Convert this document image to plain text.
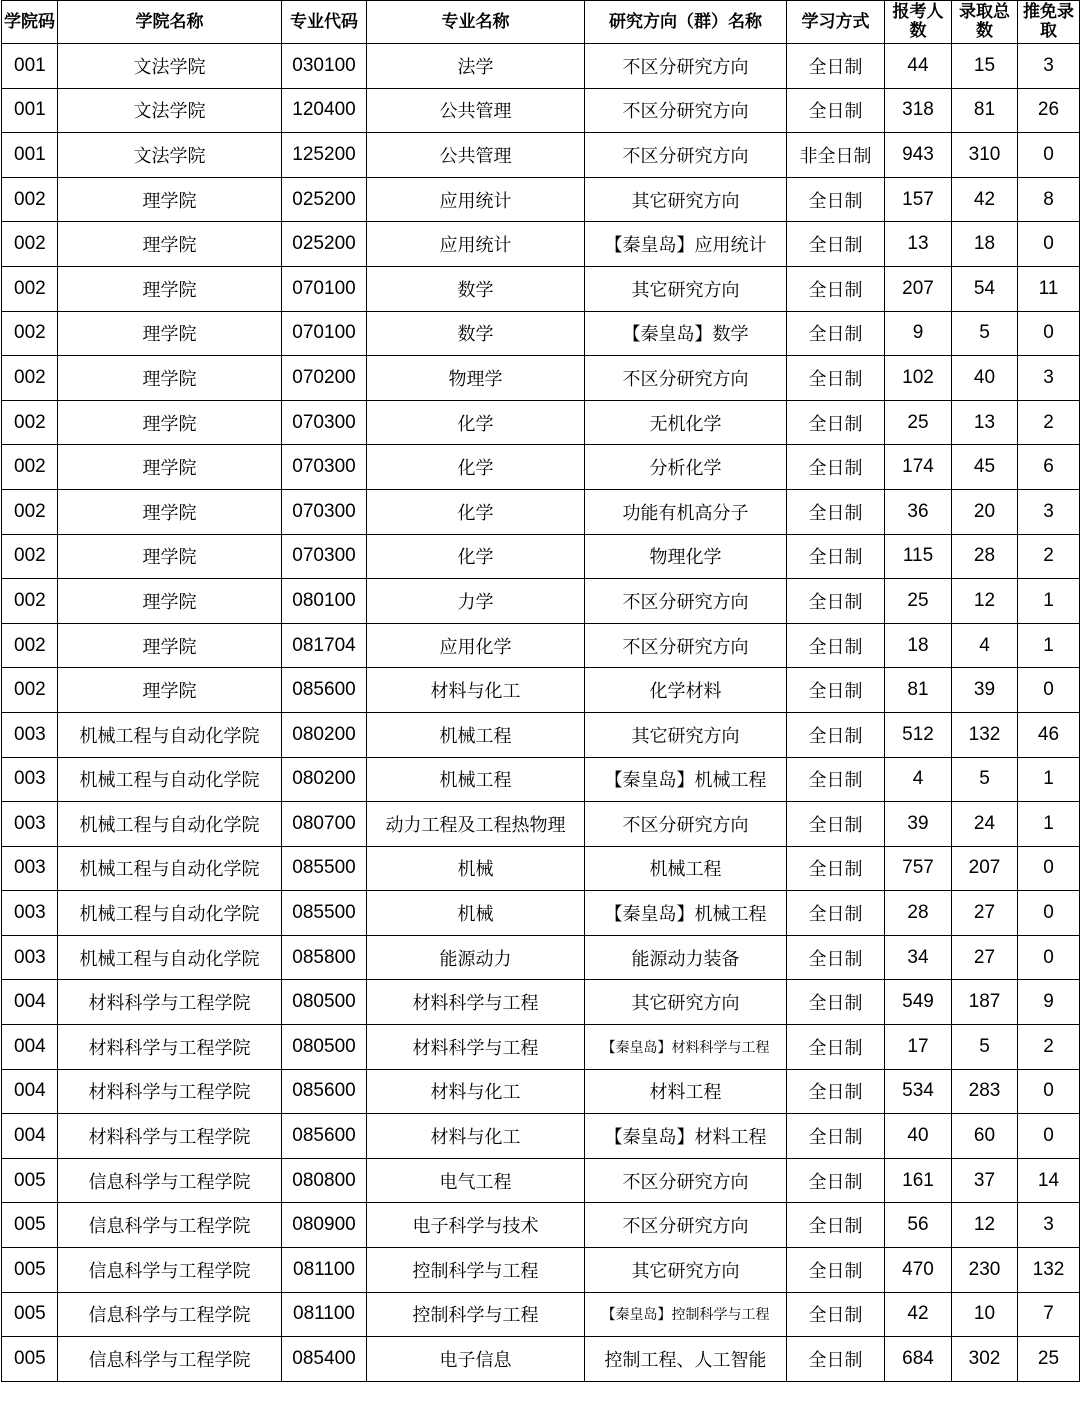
学院码	学院名称	专业代码	专业名称	研究方向（群）名称	学习方式	报考人数	录取总数	推免录取
001	文法学院	030100	法学	不区分研究方向	全日制	44	15	3
001	文法学院	120400	公共管理	不区分研究方向	全日制	318	81	26
001	文法学院	125200	公共管理	不区分研究方向	非全日制	943	310	0
002	理学院	025200	应用统计	其它研究方向	全日制	157	42	8
002	理学院	025200	应用统计	【秦皇岛】应用统计	全日制	13	18	0
002	理学院	070100	数学	其它研究方向	全日制	207	54	11
002	理学院	070100	数学	【秦皇岛】数学	全日制	9	5	0
002	理学院	070200	物理学	不区分研究方向	全日制	102	40	3
002	理学院	070300	化学	无机化学	全日制	25	13	2
002	理学院	070300	化学	分析化学	全日制	174	45	6
002	理学院	070300	化学	功能有机高分子	全日制	36	20	3
002	理学院	070300	化学	物理化学	全日制	115	28	2
002	理学院	080100	力学	不区分研究方向	全日制	25	12	1
002	理学院	081704	应用化学	不区分研究方向	全日制	18	4	1
002	理学院	085600	材料与化工	化学材料	全日制	81	39	0
003	机械工程与自动化学院	080200	机械工程	其它研究方向	全日制	512	132	46
003	机械工程与自动化学院	080200	机械工程	【秦皇岛】机械工程	全日制	4	5	1
003	机械工程与自动化学院	080700	动力工程及工程热物理	不区分研究方向	全日制	39	24	1
003	机械工程与自动化学院	085500	机械	机械工程	全日制	757	207	0
003	机械工程与自动化学院	085500	机械	【秦皇岛】机械工程	全日制	28	27	0
003	机械工程与自动化学院	085800	能源动力	能源动力装备	全日制	34	27	0
004	材料科学与工程学院	080500	材料科学与工程	其它研究方向	全日制	549	187	9
004	材料科学与工程学院	080500	材料科学与工程	【秦皇岛】材料科学与工程	全日制	17	5	2
004	材料科学与工程学院	085600	材料与化工	材料工程	全日制	534	283	0
004	材料科学与工程学院	085600	材料与化工	【秦皇岛】材料工程	全日制	40	60	0
005	信息科学与工程学院	080800	电气工程	不区分研究方向	全日制	161	37	14
005	信息科学与工程学院	080900	电子科学与技术	不区分研究方向	全日制	56	12	3
005	信息科学与工程学院	081100	控制科学与工程	其它研究方向	全日制	470	230	132
005	信息科学与工程学院	081100	控制科学与工程	【秦皇岛】控制科学与工程	全日制	42	10	7
005	信息科学与工程学院	085400	电子信息	控制工程、人工智能	全日制	684	302	25
